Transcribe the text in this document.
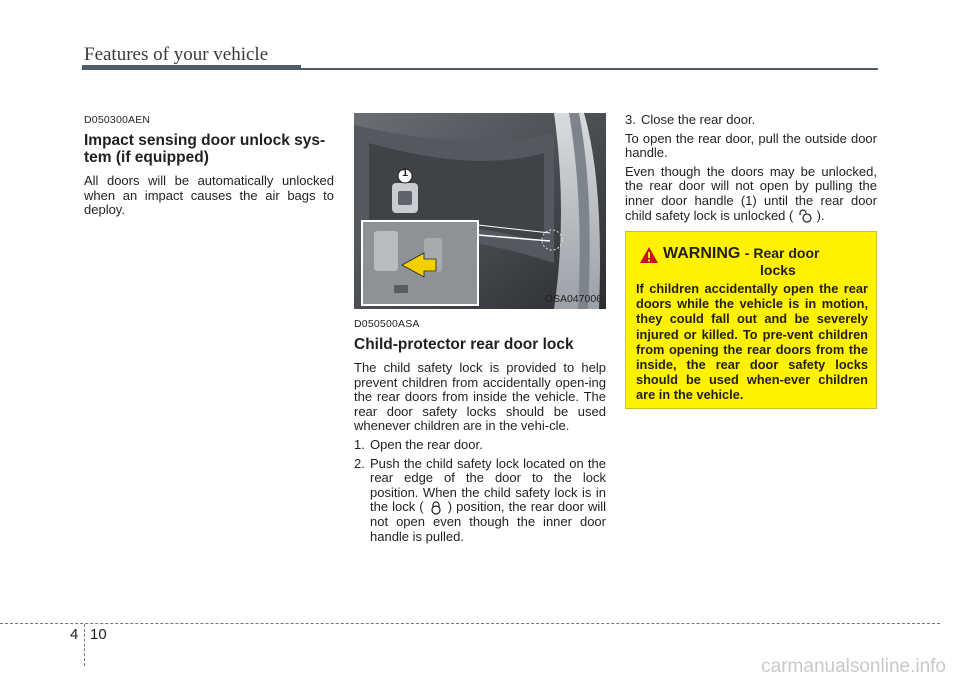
Features of your vehicle
D050300AEN
Impact sensing door unlock sys-
tem (if equipped)

All doors will be automatically unlocked when an impact causes the air bags to deploy.

1
OSA047006
D050500ASA
Child-protector rear door lock

The child safety lock is provided to help prevent children from accidentally open-ing the rear doors from inside the vehicle. The rear door safety locks should be used whenever children are in the vehi-cle.

1. Open the rear door.
2. Push the child safety lock located on the rear edge of the door to the lock position. When the child safety lock is in the lock ( ) position, the rear door will not open even though the inner door handle is pulled.
3. Close the rear door.

To open the rear door, pull the outside door handle.

Even though the doors may be unlocked, the rear door will not open by pulling the inner door handle (1) until the rear door child safety lock is unlocked ( ).

WARNING - Rear door
locks
If children accidentally open the rear doors while the vehicle is in motion, they could fall out and be severely injured or killed. To pre-vent children from opening the rear doors from the inside, the rear door safety locks should be used when-ever children are in the vehicle.
4 10
carmanualsonline.info
